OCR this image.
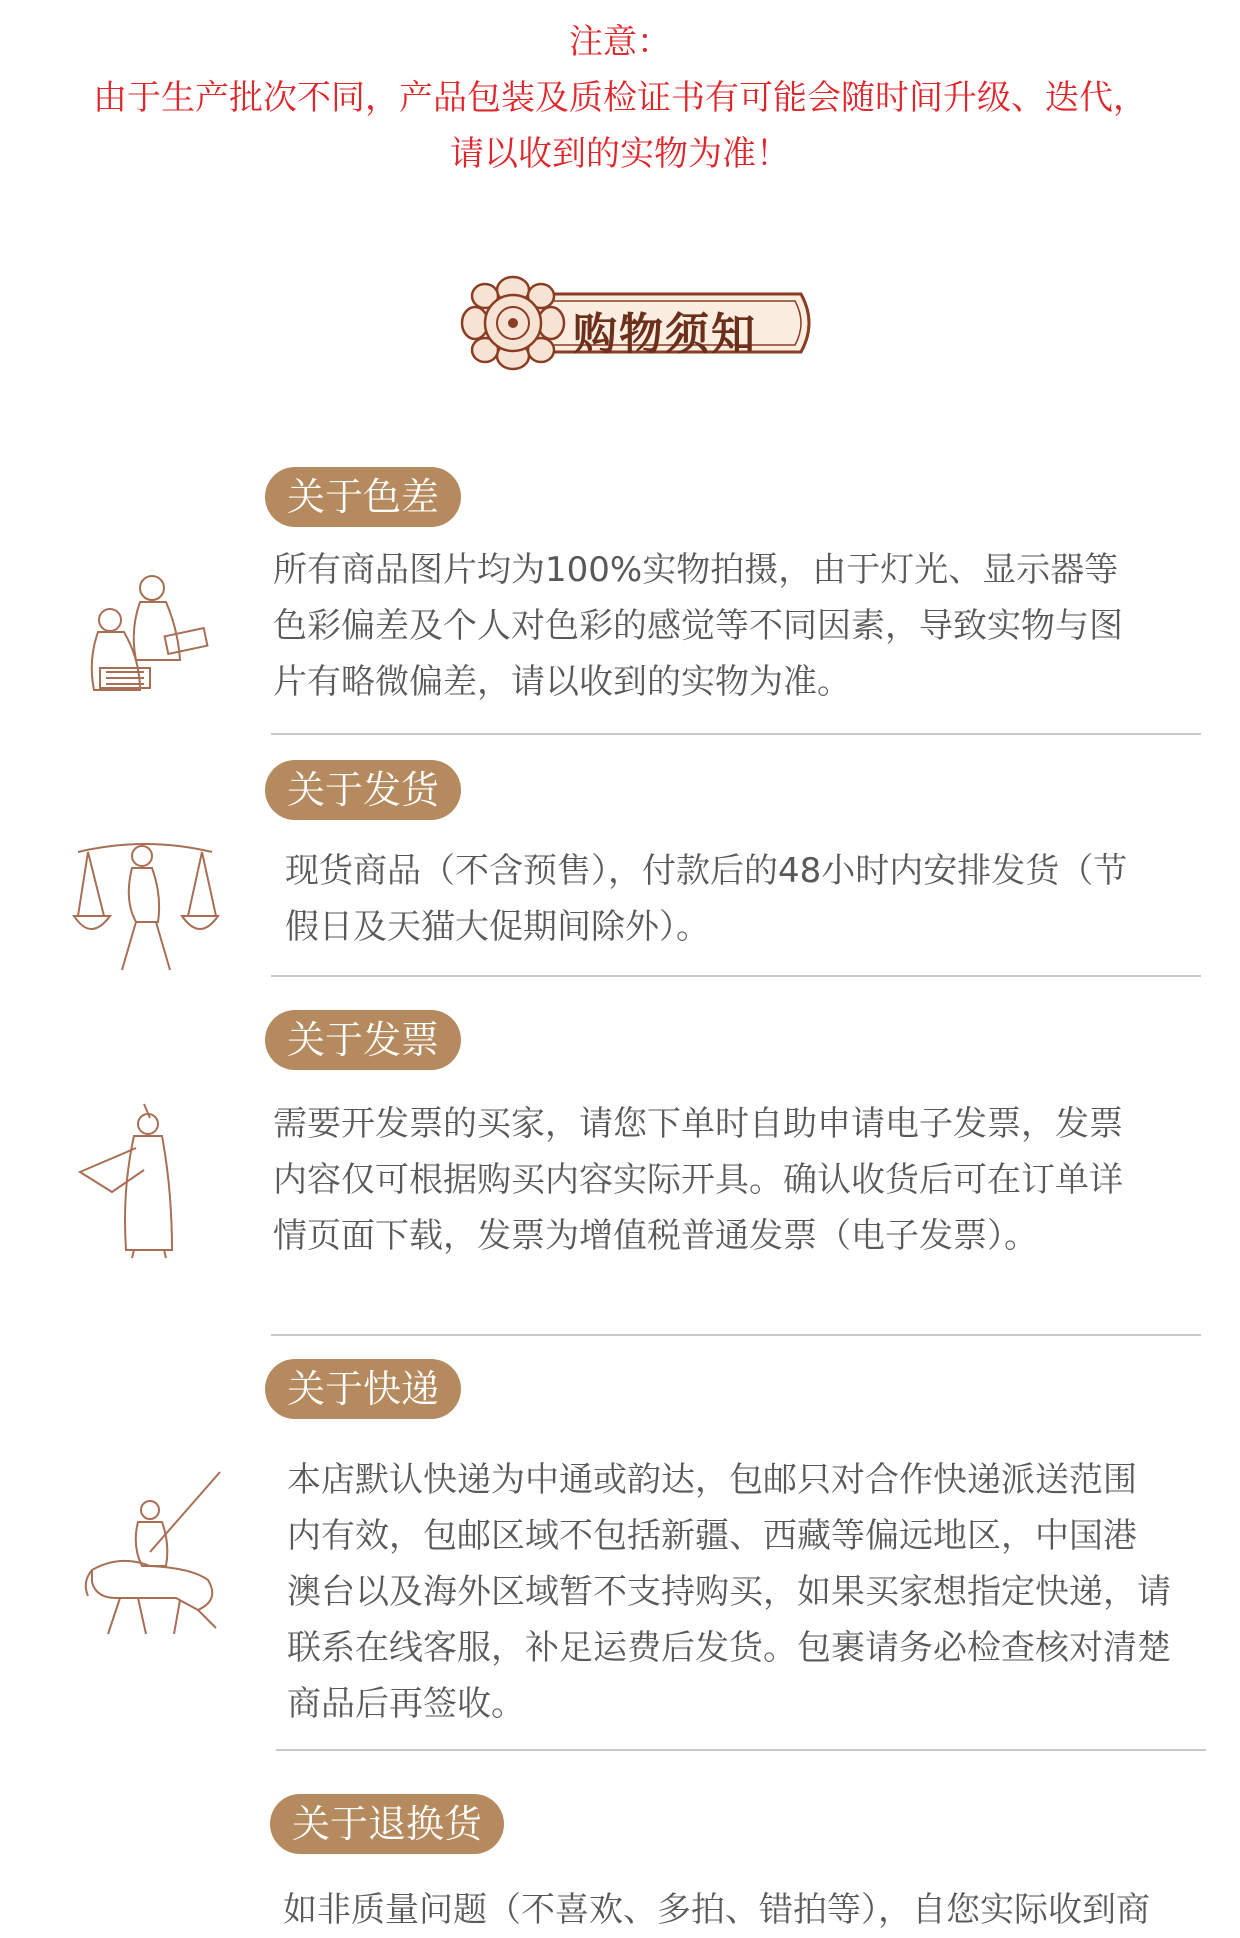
注意：
由于生产批次不同，产品包装及质检证书有可能会随时间升级、迭代，
请以收到的实物为准！
购物须知
关于色差
所有商品图片均为100%实物拍摄，由于灯光、显示器等
色彩偏差及个人对色彩的感觉等不同因素，导致实物与图
片有略微偏差，请以收到的实物为准。
关于发货
现货商品（不含预售），付款后的48小时内安排发货（节
假日及天猫大促期间除外）。
关于发票
需要开发票的买家，请您下单时自助申请电子发票，发票
内容仅可根据购买内容实际开具。确认收货后可在订单详
情页面下载，发票为增值税普通发票（电子发票）。
关于快递
本店默认快递为中通或韵达，包邮只对合作快递派送范围
内有效，包邮区域不包括新疆、西藏等偏远地区，中国港
澳台以及海外区域暂不支持购买，如果买家想指定快递，请
联系在线客服，补足运费后发货。包裹请务必检查核对清楚
商品后再签收。
关于退换货
如非质量问题（不喜欢、多拍、错拍等），自您实际收到商
